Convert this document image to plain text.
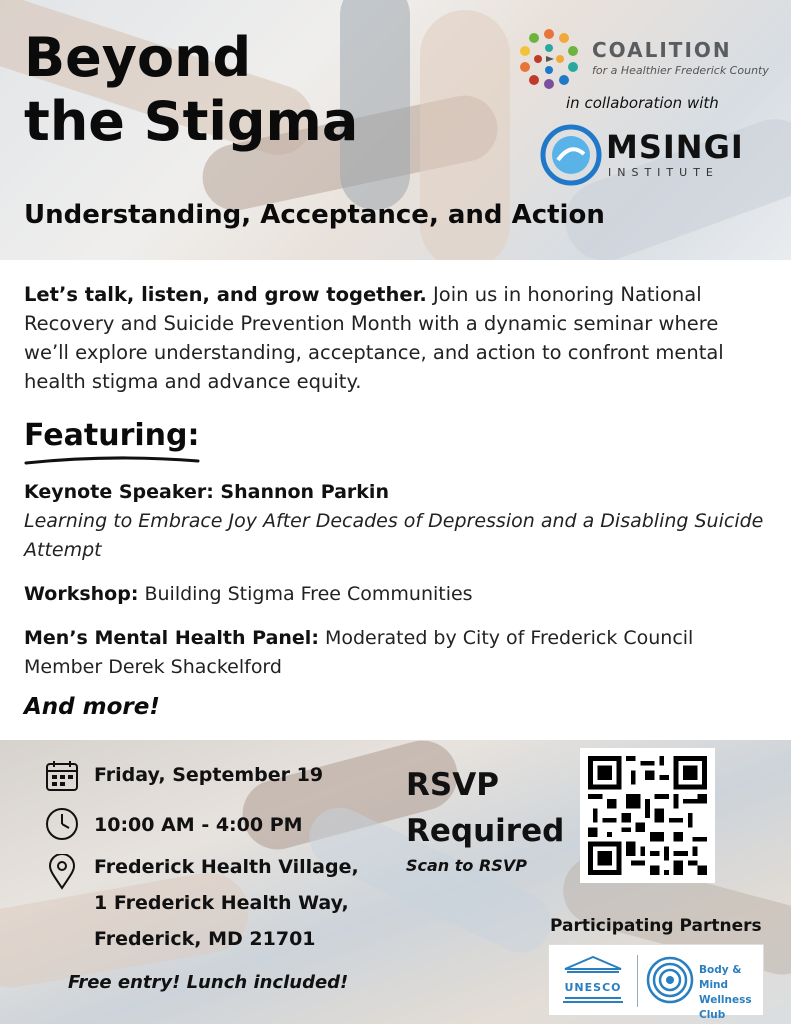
Beyond
the Stigma
Understanding, Acceptance, and Action
COALITION
for a Healthier Frederick County
in collaboration with
MSINGI
INSTITUTE
Let’s talk, listen, and grow together. Join us in honoring National Recovery and Suicide Prevention Month with a dynamic seminar where we’ll explore understanding, acceptance, and action to confront mental health stigma and advance equity.
Featuring:
Keynote Speaker: Shannon Parkin
Learning to Embrace Joy After Decades of Depression and a Disabling Suicide Attempt
Workshop: Building Stigma Free Communities
Men’s Mental Health Panel: Moderated by City of Frederick Council Member Derek Shackelford
And more!
Friday, September 19
10:00 AM - 4:00 PM
Frederick Health Village,
1 Frederick Health Way,
Frederick, MD 21701
Free entry! Lunch included!
RSVP
Required
Scan to RSVP
Participating Partners
UNESCO
Body & Mind
Wellness Club
